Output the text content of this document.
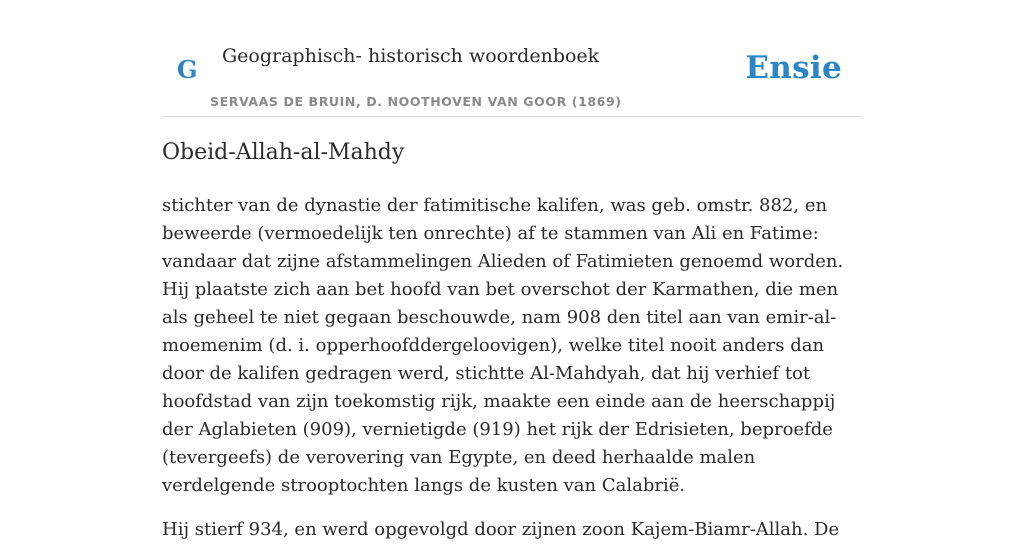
G Geographisch- historisch woordenboek
SERVAAS DE BRUIN, D. NOOTHOVEN VAN GOOR (1869)
Ensie
Obeid-Allah-al-Mahdy

stichter van de dynastie der fatimitische kalifen, was geb. omstr. 882, en beweerde (vermoedelijk ten onrechte) af te stammen van Ali en Fatime: vandaar dat zijne afstammelingen Alieden of Fatimieten genoemd worden. Hij plaatste zich aan bet hoofd van bet overschot der Karmathen, die men als geheel te niet gegaan beschouwde, nam 908 den titel aan van emir-al-moemenim (d. i. opperhoofddergeloovigen), welke titel nooit anders dan door de kalifen gedragen werd, stichtte Al-Mahdyah, dat hij verhief tot hoofdstad van zijn toekomstig rijk, maakte een einde aan de heerschappij der Aglabieten (909), vernietigde (919) het rijk der Edrisieten, beproefde (tevergeefs) de verovering van Egypte, en deed herhaalde malen verdelgende strooptochten langs de kusten van Calabrië.

Hij stierf 934, en werd opgevolgd door zijnen zoon Kajem-Biamr-Allah. De
